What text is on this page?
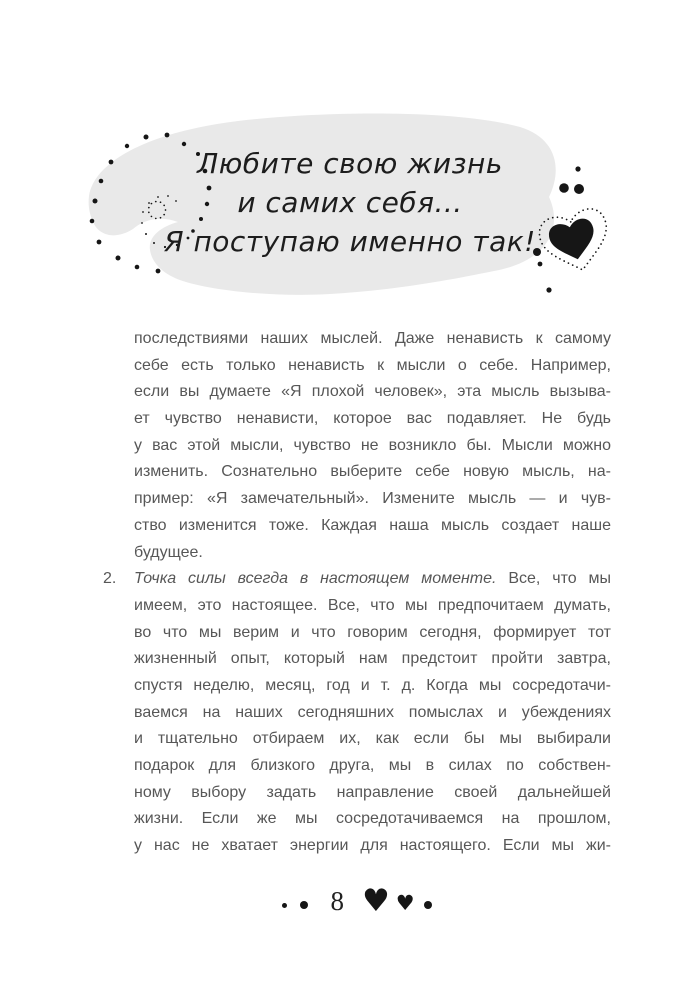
Любите свою жизнь
и самих себя...
Я поступаю именно так!
последствиями наших мыслей. Даже ненависть к самому
себе есть только ненависть к мысли о себе. Например,
если вы думаете «Я плохой человек», эта мысль вызыва-
ет чувство ненависти, которое вас подавляет. Не будь
у вас этой мысли, чувство не возникло бы. Мысли можно
изменить. Сознательно выберите себе новую мысль, на-
пример: «Я замечательный». Измените мысль — и чув-
ство изменится тоже. Каждая наша мысль создает наше
будущее.
2. Точка силы всегда в настоящем моменте. Все, что мы
имеем, это настоящее. Все, что мы предпочитаем думать,
во что мы верим и что говорим сегодня, формирует тот
жизненный опыт, который нам предстоит пройти завтра,
спустя неделю, месяц, год и т. д. Когда мы сосредотачи-
ваемся на наших сегодняшних помыслах и убеждениях
и тщательно отбираем их, как если бы мы выбирали
подарок для близкого друга, мы в силах по собствен-
ному выбору задать направление своей дальнейшей
жизни. Если же мы сосредотачиваемся на прошлом,
у нас не хватает энергии для настоящего. Если мы жи-
8 ♥ ♥
